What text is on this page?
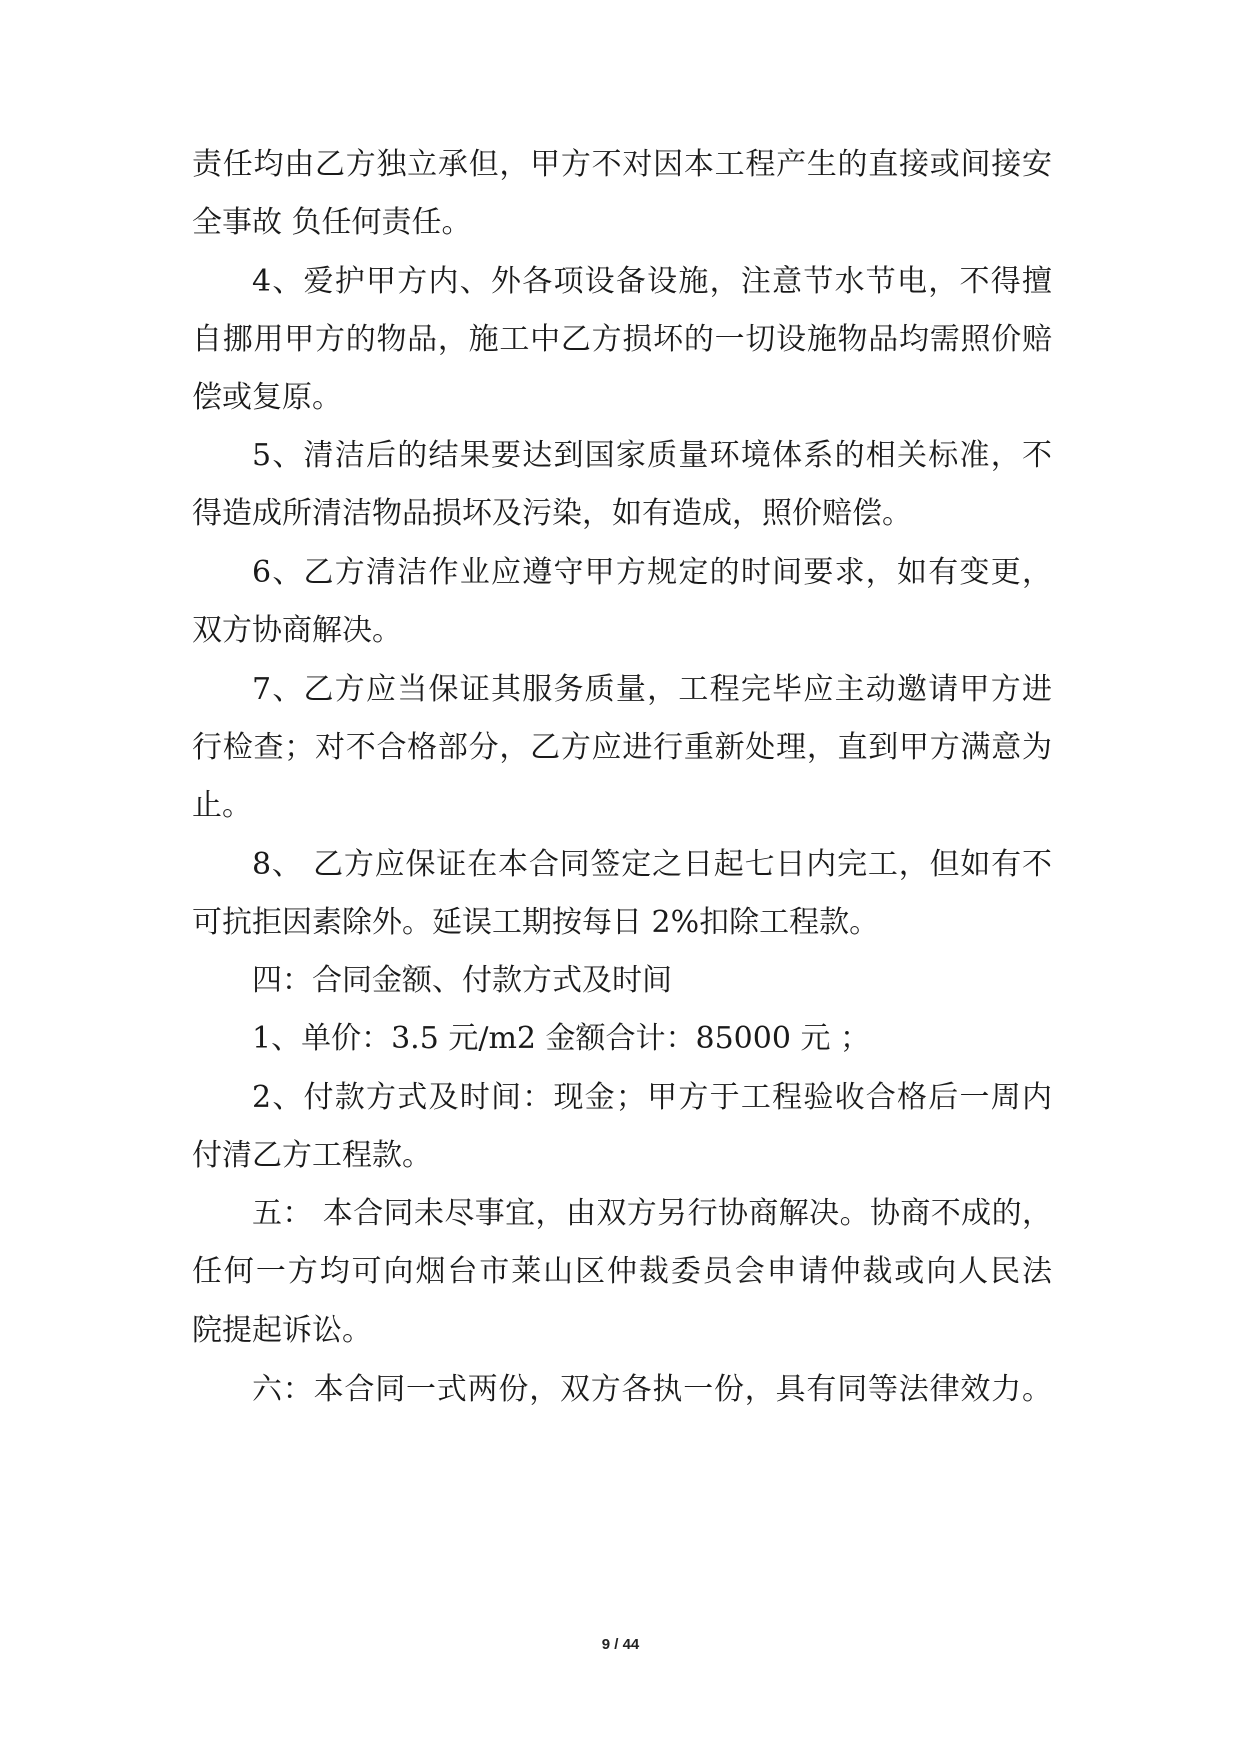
责任均由乙方独立承但，甲方不对因本工程产生的直接或间接安
全事故 负任何责任。
4、爱护甲方内、外各项设备设施，注意节水节电，不得擅
自挪用甲方的物品，施工中乙方损坏的一切设施物品均需照价赔
偿或复原。
5、清洁后的结果要达到国家质量环境体系的相关标准，不
得造成所清洁物品损坏及污染，如有造成，照价赔偿。
6、乙方清洁作业应遵守甲方规定的时间要求，如有变更，
双方协商解决。
7、乙方应当保证其服务质量，工程完毕应主动邀请甲方进
行检查；对不合格部分，乙方应进行重新处理，直到甲方满意为
止。
8、 乙方应保证在本合同签定之日起七日内完工，但如有不
可抗拒因素除外。延误工期按每日 2%扣除工程款。
四：合同金额、付款方式及时间
1、单价：3.5 元/m2 金额合计：85000 元 ；
2、付款方式及时间：现金；甲方于工程验收合格后一周内
付清乙方工程款。
五： 本合同未尽事宜，由双方另行协商解决。协商不成的，
任何一方均可向烟台市莱山区仲裁委员会申请仲裁或向人民法
院提起诉讼。
六：本合同一式两份，双方各执一份，具有同等法律效力。
9 / 44
